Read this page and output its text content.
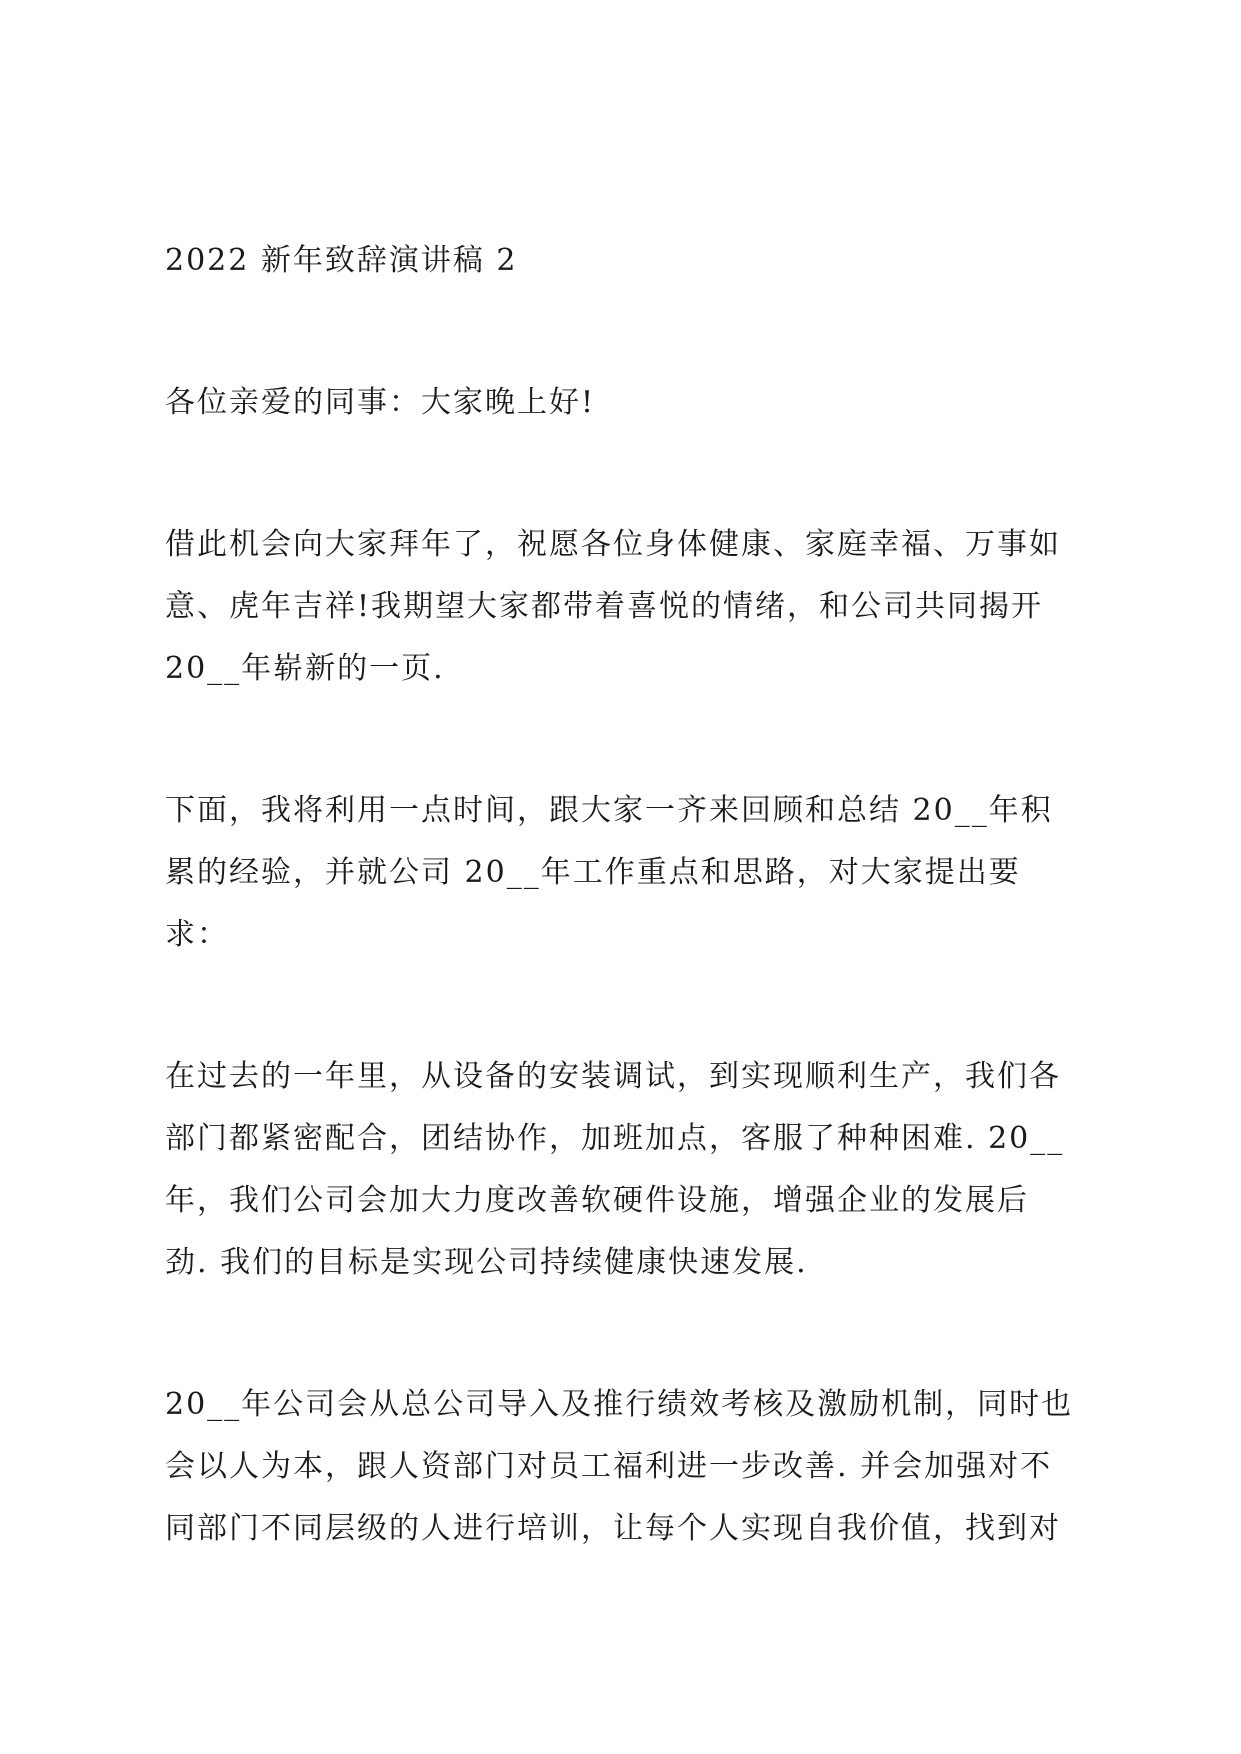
2022 新年致辞演讲稿 2
各位亲爱的同事：大家晚上好!
借此机会向大家拜年了，祝愿各位身体健康、家庭幸福、万事如
意、虎年吉祥!我期望大家都带着喜悦的情绪，和公司共同揭开
20__年崭新的一页.
下面，我将利用一点时间，跟大家一齐来回顾和总结 20__年积
累的经验，并就公司 20__年工作重点和思路，对大家提出要
求：
在过去的一年里，从设备的安装调试，到实现顺利生产，我们各
部门都紧密配合，团结协作，加班加点，客服了种种困难. 20__
年，我们公司会加大力度改善软硬件设施，增强企业的发展后
劲. 我们的目标是实现公司持续健康快速发展.
20__年公司会从总公司导入及推行绩效考核及激励机制，同时也
会以人为本，跟人资部门对员工福利进一步改善. 并会加强对不
同部门不同层级的人进行培训，让每个人实现自我价值，找到对
